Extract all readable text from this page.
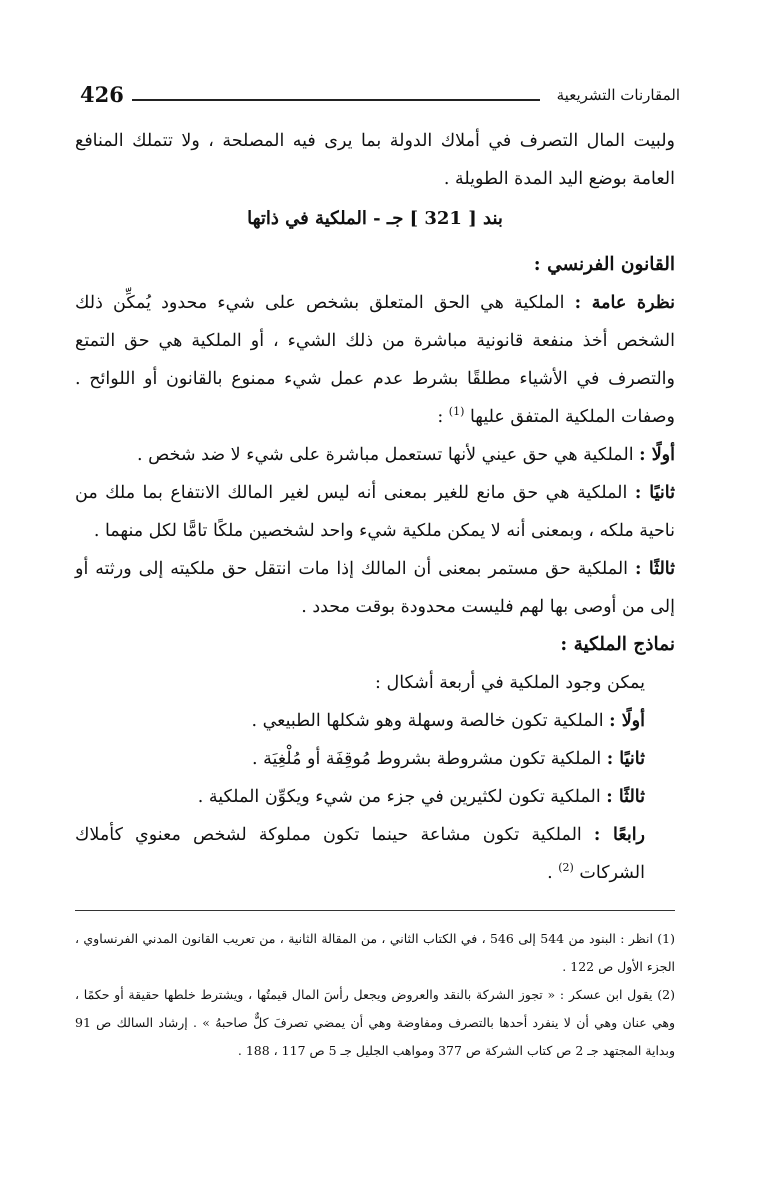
426	المقارنات التشريعية

ولبيت المال التصرف في أملاك الدولة بما يرى فيه المصلحة ، ولا تتملك المنافع العامة بوضع اليد المدة الطويلة .

بند [ 321 ] جـ - الملكية في ذاتها

القانون الفرنسي :

نظرة عامة : الملكية هي الحق المتعلق بشخص على شيء محدود يُمكِّن ذلك الشخص أخذ منفعة قانونية مباشرة من ذلك الشيء ، أو الملكية هي حق التمتع والتصرف في الأشياء مطلقًا بشرط عدم عمل شيء ممنوع بالقانون أو اللوائح . وصفات الملكية المتفق عليها $^{(1)}$ :

أولًا : الملكية هي حق عيني لأنها تستعمل مباشرة على شيء لا ضد شخص .

ثانيًا : الملكية هي حق مانع للغير بمعنى أنه ليس لغير المالك الانتفاع بما ملك من ناحية ملكه ، وبمعنى أنه لا يمكن ملكية شيء واحد لشخصين ملكًا تامًّا لكل منهما .

ثالثًا : الملكية حق مستمر بمعنى أن المالك إذا مات انتقل حق ملكيته إلى ورثته أو إلى من أوصى بها لهم فليست محدودة بوقت محدد .

نماذج الملكية :

يمكن وجود الملكية في أربعة أشكال :

أولًا : الملكية تكون خالصة وسهلة وهو شكلها الطبيعي .

ثانيًا : الملكية تكون مشروطة بشروط مُوقِفَة أو مُلْغِيَة .

ثالثًا : الملكية تكون لكثيرين في جزء من شيء ويكوِّن الملكية .

رابعًا : الملكية تكون مشاعة حينما تكون مملوكة لشخص معنوي كأملاك الشركات $^{(2)}$ .

(1) انظر : البنود من 544 إلى 546 ، في الكتاب الثاني ، من المقالة الثانية ، من تعريب القانون المدني الفرنساوي ، الجزء الأول ص 122 .

(2) يقول ابن عسكر : « تجوز الشركة بالنقد والعروض ويجعل رأسَ المال قيمتُها ، ويشترط خلطها حقيقة أو حكمًا ، وهي عنان وهي أن لا ينفرد أحدها بالتصرف ومفاوضة وهي أن يمضي تصرفَ كلٌّ صاحبهُ » . إرشاد السالك ص 91 وبداية المجتهد جـ 2 ص كتاب الشركة ص 377 ومواهب الجليل جـ 5 ص 117 ، 188 .
